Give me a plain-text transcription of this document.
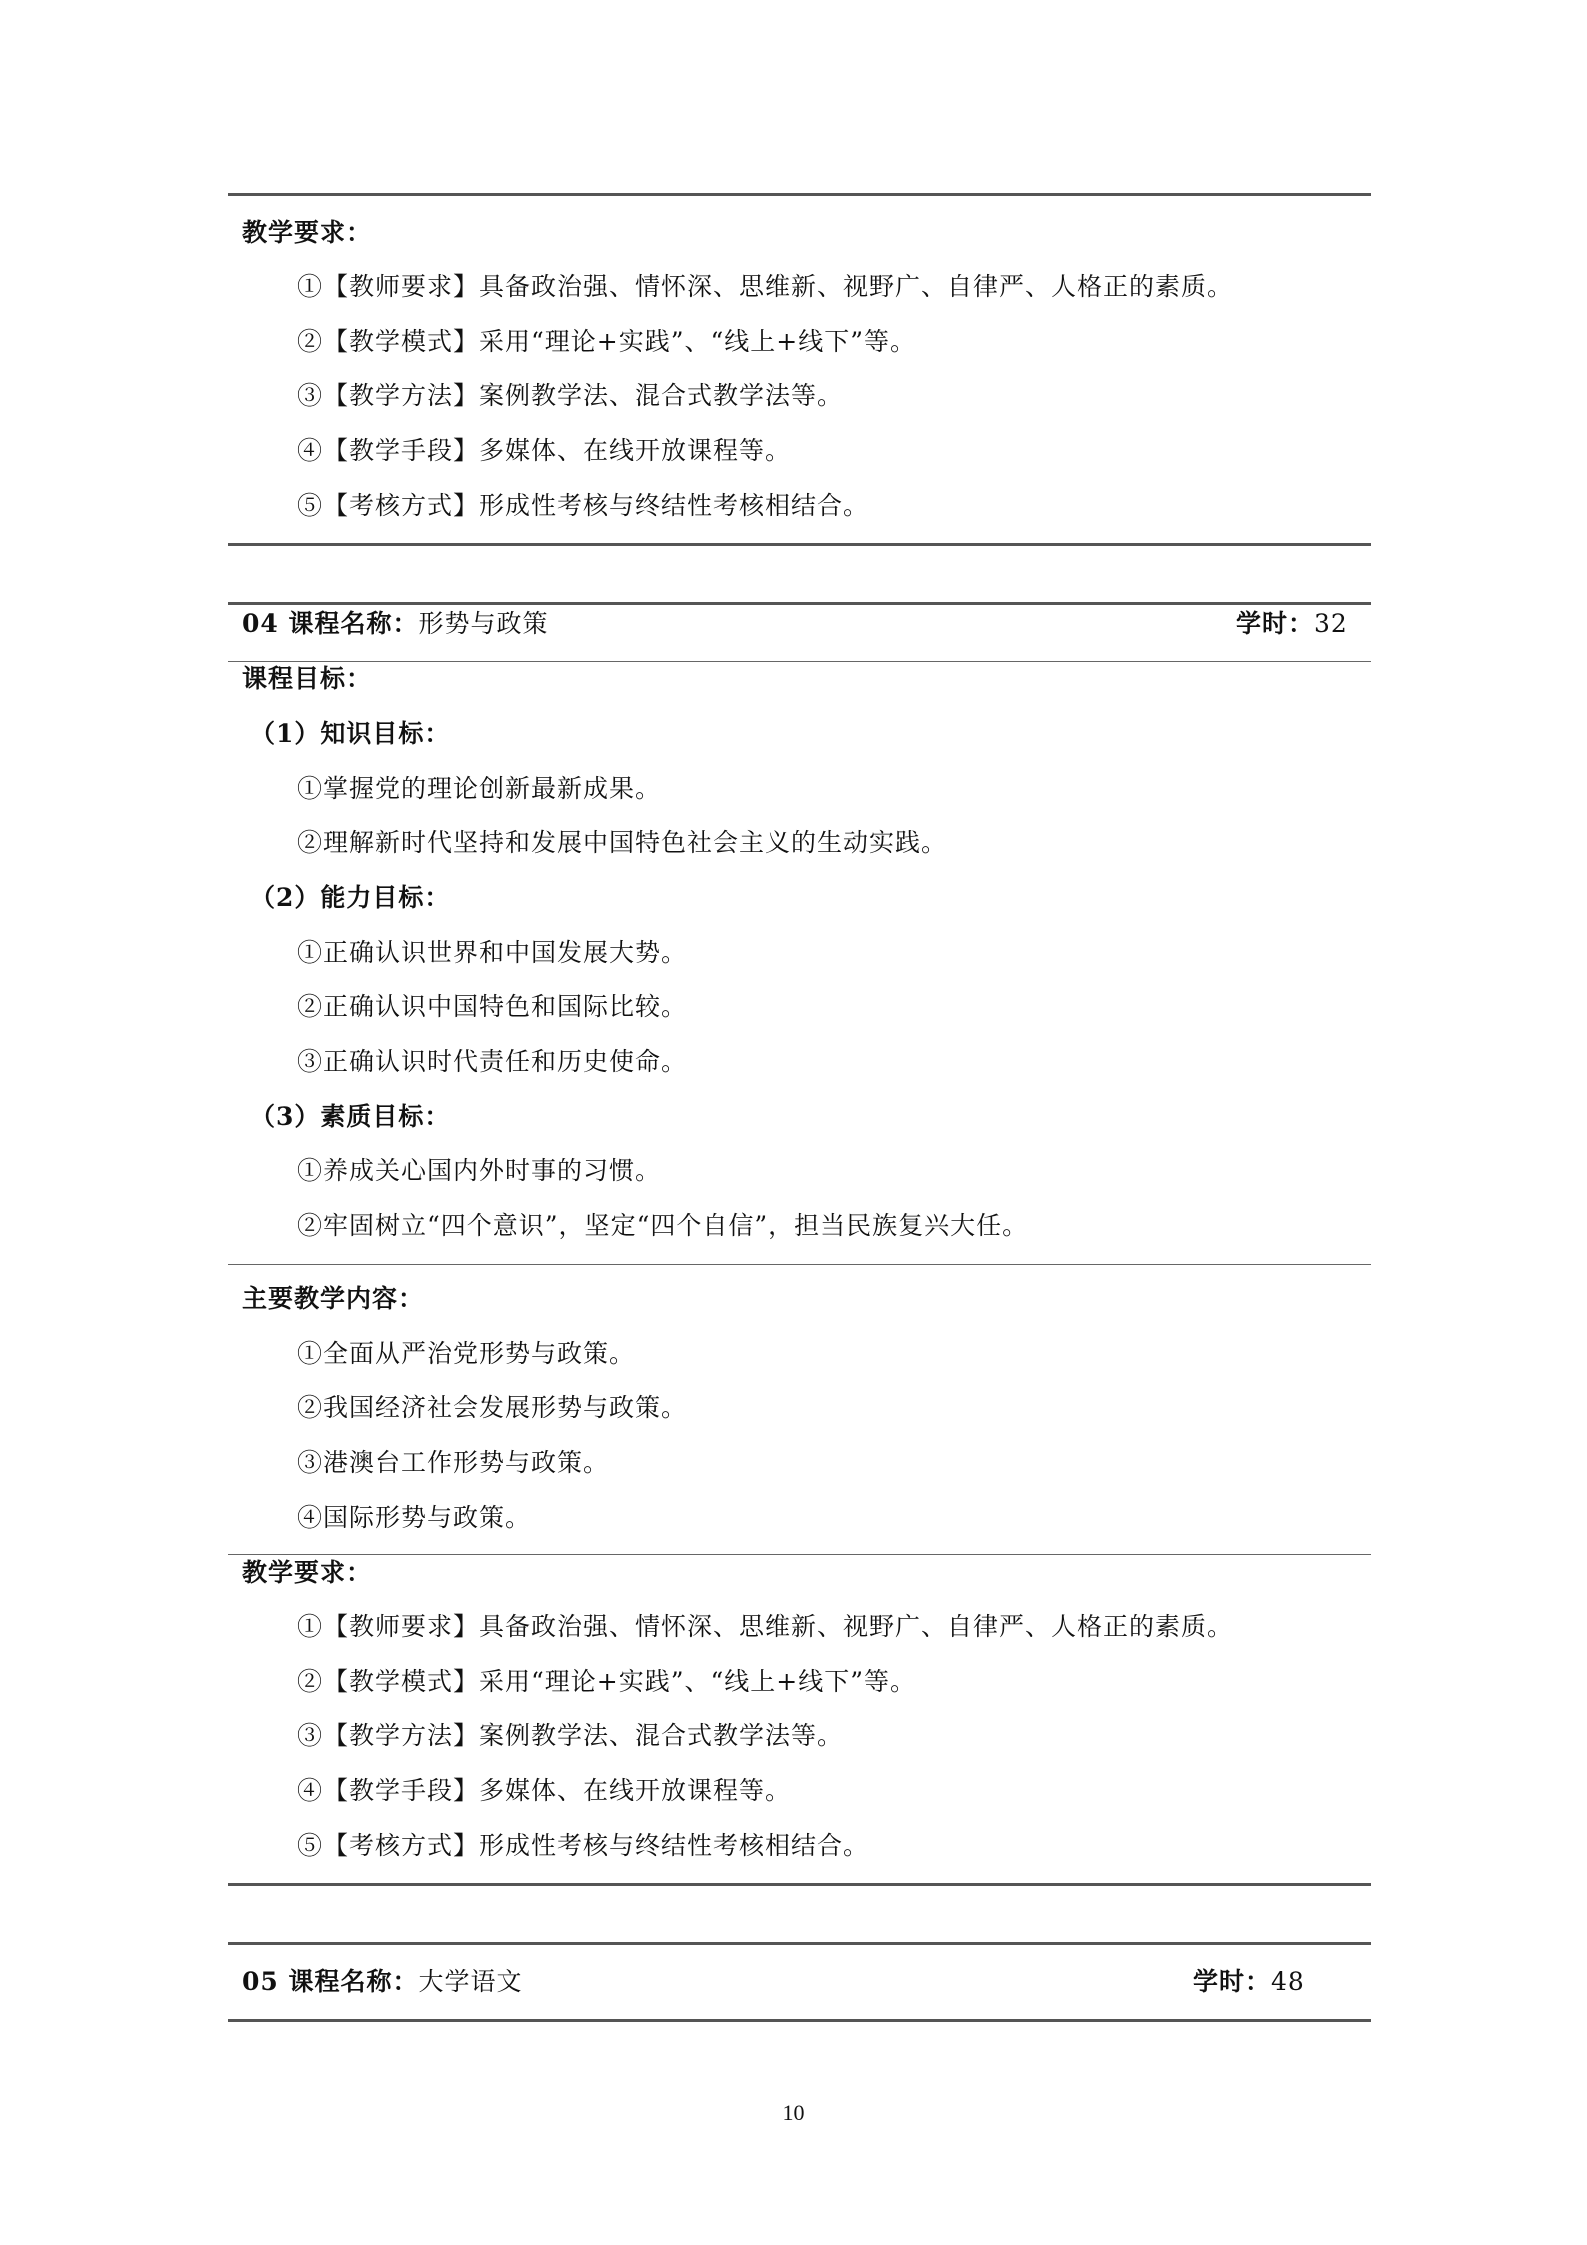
教学要求：
①【教师要求】具备政治强、情怀深、思维新、视野广、自律严、人格正的素质。
②【教学模式】采用“理论+实践”、“线上+线下”等。
③【教学方法】案例教学法、混合式教学法等。
④【教学手段】多媒体、在线开放课程等。
⑤【考核方式】形成性考核与终结性考核相结合。
04 课程名称：形势与政策	学时：32
课程目标：
（1）知识目标：
①掌握党的理论创新最新成果。
②理解新时代坚持和发展中国特色社会主义的生动实践。
（2）能力目标：
①正确认识世界和中国发展大势。
②正确认识中国特色和国际比较。
③正确认识时代责任和历史使命。
（3）素质目标：
①养成关心国内外时事的习惯。
②牢固树立“四个意识”，坚定“四个自信”，担当民族复兴大任。
主要教学内容：
①全面从严治党形势与政策。
②我国经济社会发展形势与政策。
③港澳台工作形势与政策。
④国际形势与政策。
教学要求：
①【教师要求】具备政治强、情怀深、思维新、视野广、自律严、人格正的素质。
②【教学模式】采用“理论+实践”、“线上+线下”等。
③【教学方法】案例教学法、混合式教学法等。
④【教学手段】多媒体、在线开放课程等。
⑤【考核方式】形成性考核与终结性考核相结合。
05 课程名称：大学语文	学时：48
10
